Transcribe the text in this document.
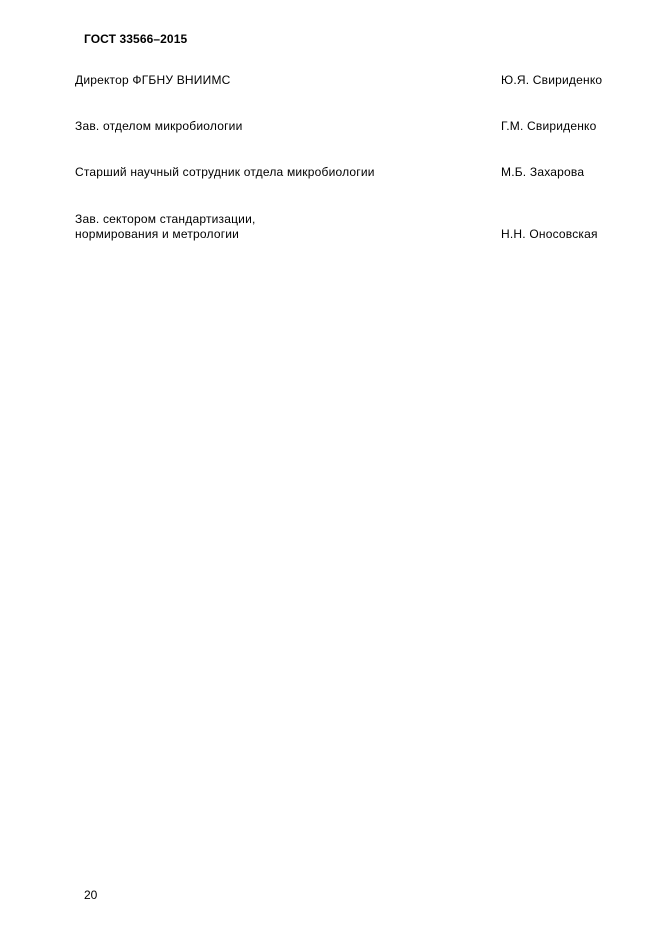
ГОСТ 33566–2015
Директор ФГБНУ ВНИИМС	Ю.Я. Свириденко
Зав. отделом микробиологии	Г.М. Свириденко
Старший научный сотрудник отдела микробиологии	М.Б. Захарова
Зав. сектором стандартизации,
нормирования и метрологии	Н.Н. Оносовская
20
